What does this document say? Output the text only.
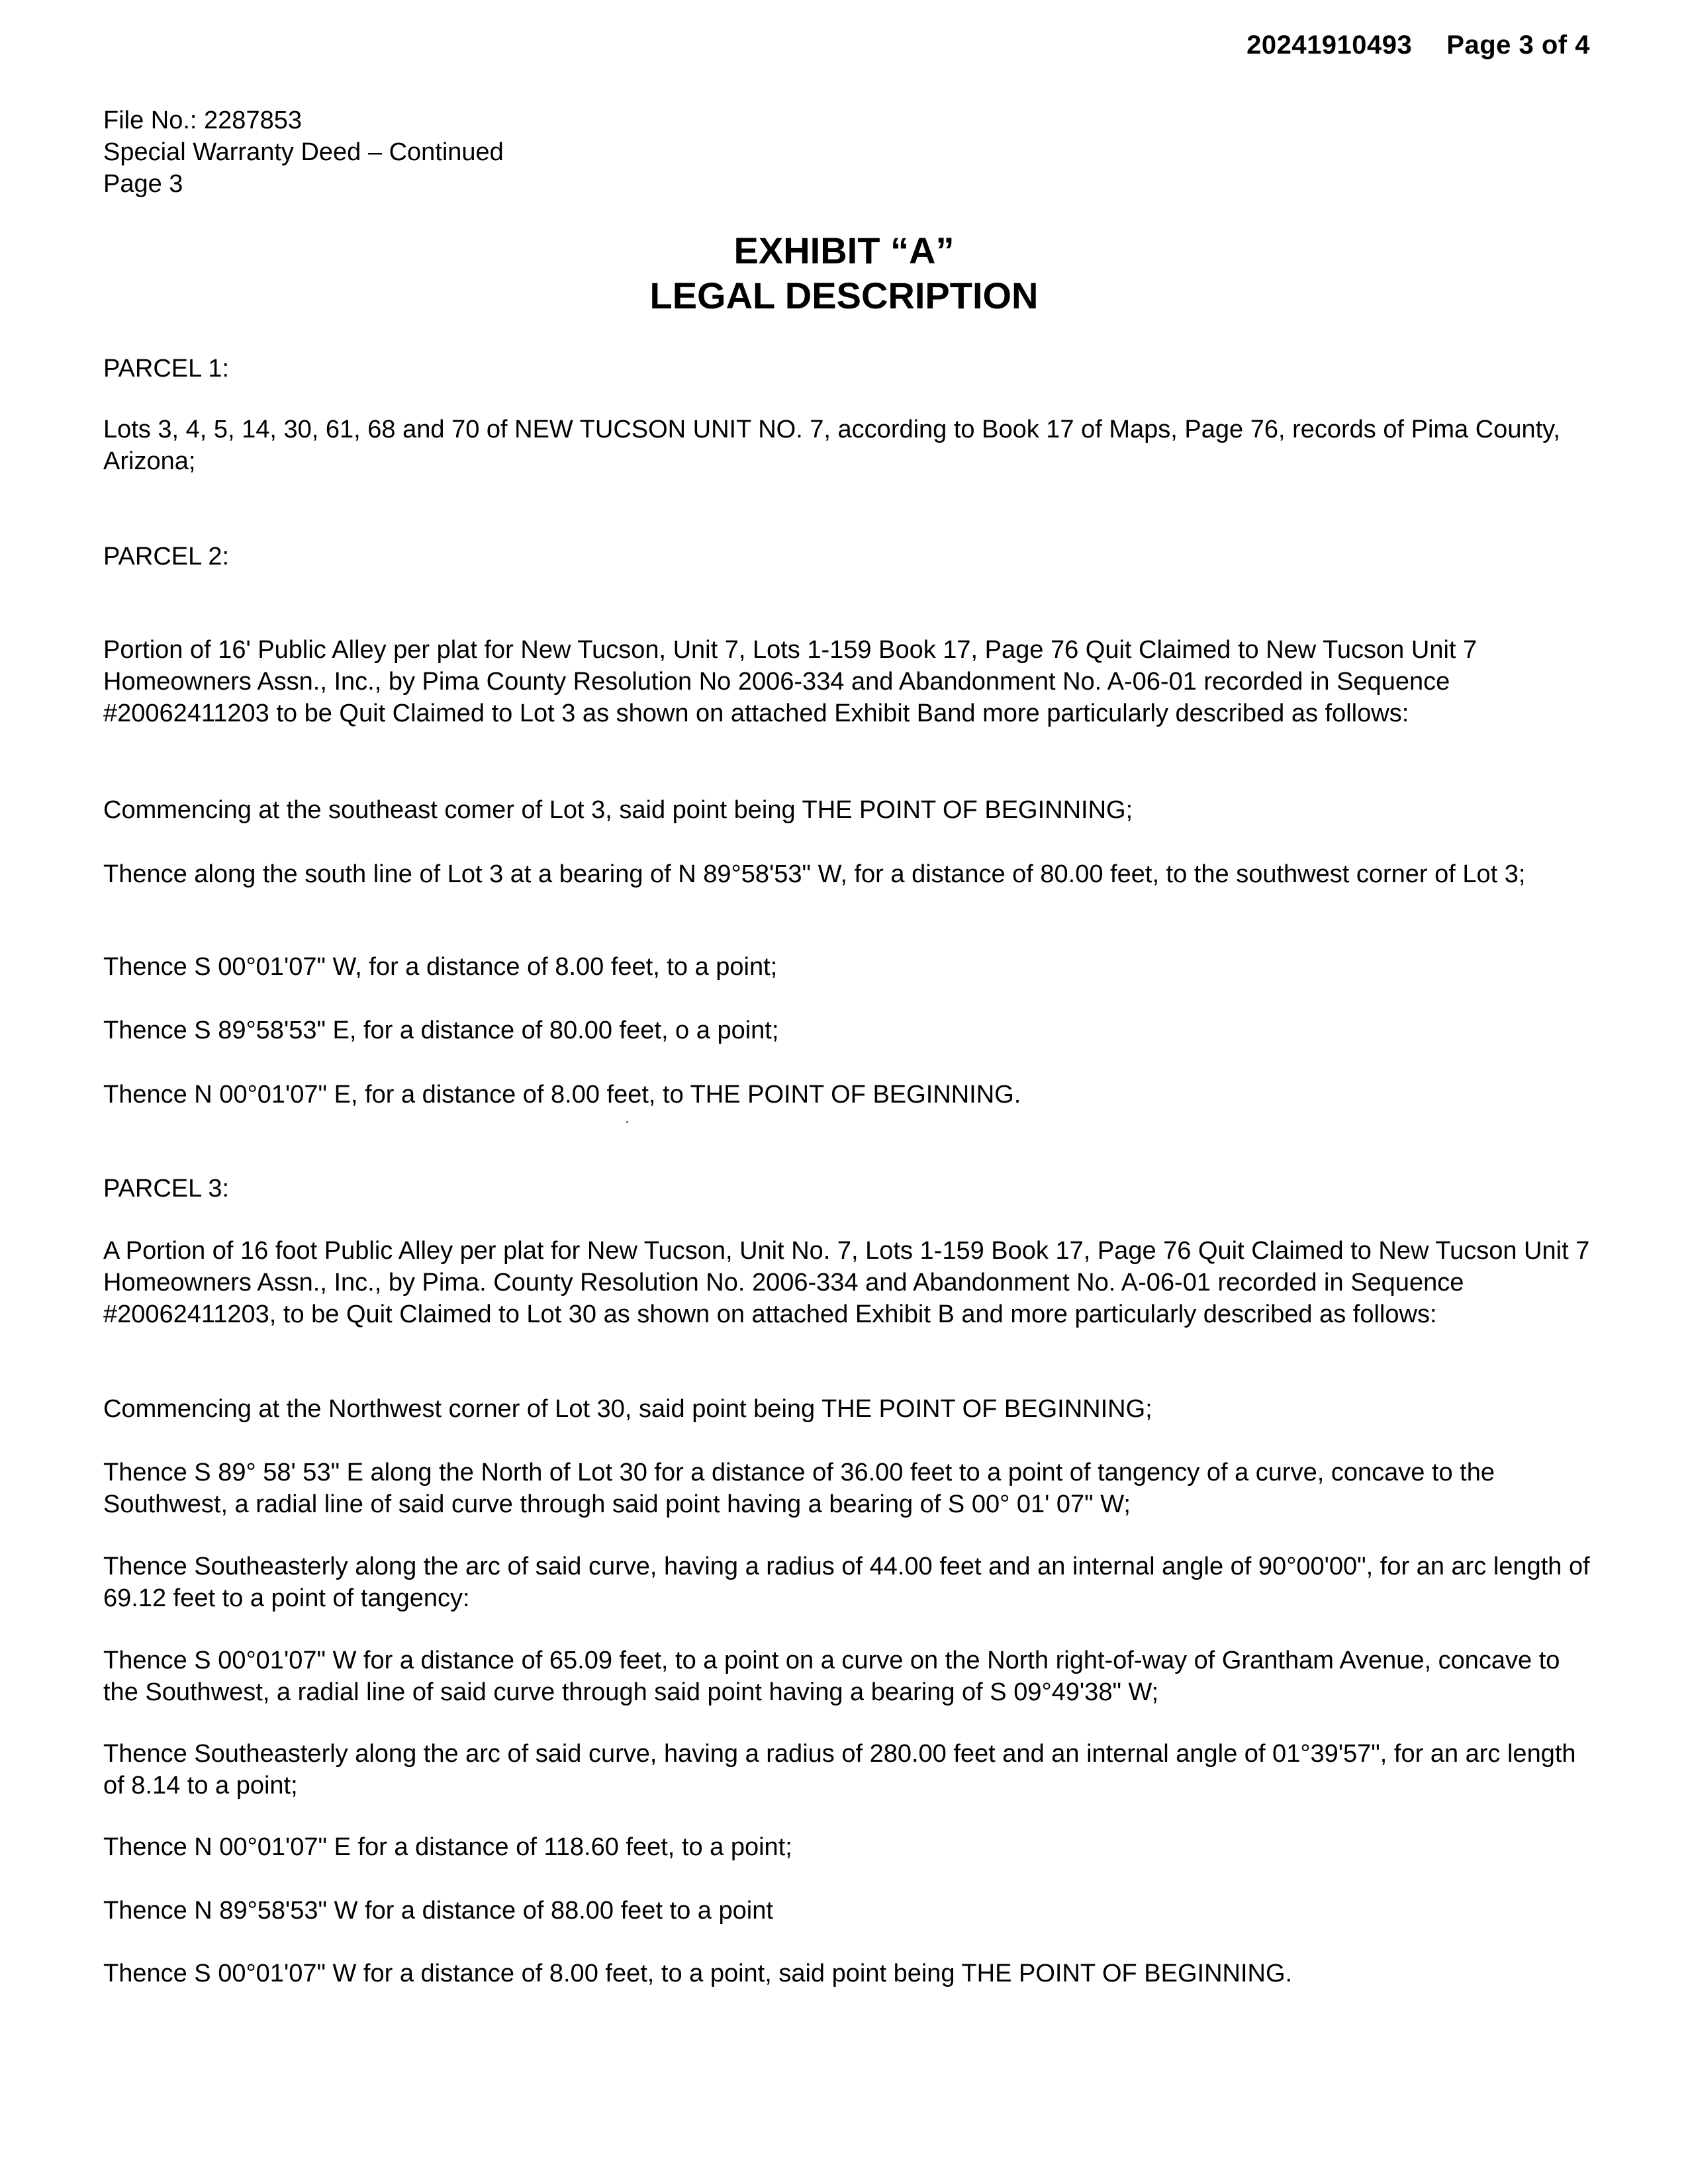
20241910493 Page 3 of 4
File No.: 2287853
Special Warranty Deed – Continued
Page 3
EXHIBIT “A”
LEGAL DESCRIPTION
PARCEL 1:

Lots 3, 4, 5, 14, 30, 61, 68 and 70 of NEW TUCSON UNIT NO. 7, according to Book 17 of Maps, Page 76, records of Pima County, Arizona;

PARCEL 2:

Portion of 16' Public Alley per plat for New Tucson, Unit 7, Lots 1-159 Book 17, Page 76 Quit Claimed to New Tucson Unit 7 Homeowners Assn., Inc., by Pima County Resolution No 2006-334 and Abandonment No. A-06-01 recorded in Sequence #20062411203 to be Quit Claimed to Lot 3 as shown on attached Exhibit Band more particularly described as follows:

Commencing at the southeast comer of Lot 3, said point being THE POINT OF BEGINNING;

Thence along the south line of Lot 3 at a bearing of N 89°58'53" W, for a distance of 80.00 feet, to the southwest corner of Lot 3;

Thence S 00°01'07" W, for a distance of 8.00 feet, to a point;

Thence S 89°58'53" E, for a distance of 80.00 feet, o a point;

Thence N 00°01'07" E, for a distance of 8.00 feet, to THE POINT OF BEGINNING.

PARCEL 3:

A Portion of 16 foot Public Alley per plat for New Tucson, Unit No. 7, Lots 1-159 Book 17, Page 76 Quit Claimed to New Tucson Unit 7 Homeowners Assn., Inc., by Pima. County Resolution No. 2006-334 and Abandonment No. A-06-01 recorded in Sequence #20062411203, to be Quit Claimed to Lot 30 as shown on attached Exhibit B and more particularly described as follows:

Commencing at the Northwest corner of Lot 30, said point being THE POINT OF BEGINNING;

Thence S 89° 58' 53" E along the North of Lot 30 for a distance of 36.00 feet to a point of tangency of a curve, concave to the Southwest, a radial line of said curve through said point having a bearing of S 00° 01' 07" W;

Thence Southeasterly along the arc of said curve, having a radius of 44.00 feet and an internal angle of 90°00'00", for an arc length of 69.12 feet to a point of tangency:

Thence S 00°01'07" W for a distance of 65.09 feet, to a point on a curve on the North right-of-way of Grantham Avenue, concave to the Southwest, a radial line of said curve through said point having a bearing of S 09°49'38" W;

Thence Southeasterly along the arc of said curve, having a radius of 280.00 feet and an internal angle of 01°39'57", for an arc length of 8.14 to a point;

Thence N 00°01'07" E for a distance of 118.60 feet, to a point;

Thence N 89°58'53" W for a distance of 88.00 feet to a point

Thence S 00°01'07" W for a distance of 8.00 feet, to a point, said point being THE POINT OF BEGINNING.
